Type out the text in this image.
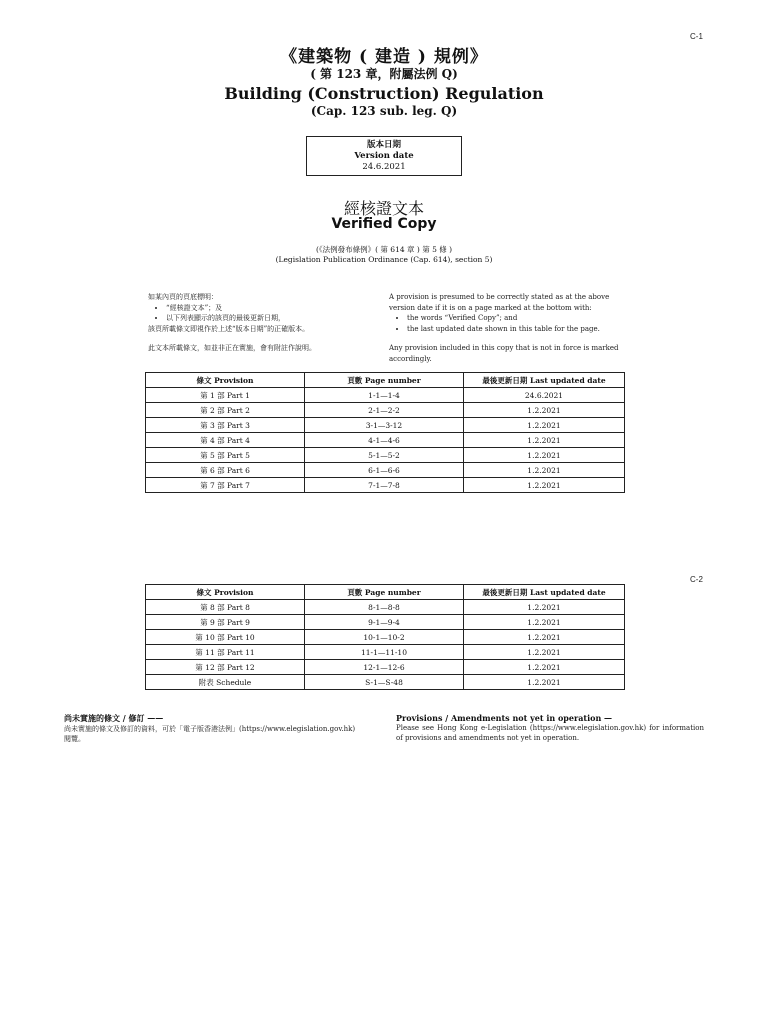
C-1
《建築物 ( 建造 ) 規例》
( 第 123 章，附屬法例 Q)
Building (Construction) Regulation
(Cap. 123 sub. leg. Q)
版本日期
Version date
24.6.2021
經核證文本
Verified Copy
(《法例發布條例》( 第 614 章 ) 第 5 條 )
(Legislation Publication Ordinance (Cap. 614), section 5)
如某內頁的頁底標明：
• “經核證文本”；及
• 以下列表顯示的該頁的最後更新日期，
該頁所載條文即視作於上述“版本日期”的正確版本。
此文本所載條文，如並非正在實施，會有附註作說明。
A provision is presumed to be correctly stated as at the above
version date if it is on a page marked at the bottom with:
• the words “Verified Copy”; and
• the last updated date shown in this table for the page.
Any provision included in this copy that is not in force is marked
accordingly.
條文 Provision	頁數 Page number	最後更新日期 Last updated date
第 1 部 Part 1	1-1—1-4	24.6.2021
第 2 部 Part 2	2-1—2-2	1.2.2021
第 3 部 Part 3	3-1—3-12	1.2.2021
第 4 部 Part 4	4-1—4-6	1.2.2021
第 5 部 Part 5	5-1—5-2	1.2.2021
第 6 部 Part 6	6-1—6-6	1.2.2021
第 7 部 Part 7	7-1—7-8	1.2.2021
C-2
條文 Provision	頁數 Page number	最後更新日期 Last updated date
第 8 部 Part 8	8-1—8-8	1.2.2021
第 9 部 Part 9	9-1—9-4	1.2.2021
第 10 部 Part 10	10-1—10-2	1.2.2021
第 11 部 Part 11	11-1—11-10	1.2.2021
第 12 部 Part 12	12-1—12-6	1.2.2021
附表 Schedule	S-1—S-48	1.2.2021
尚未實施的條文 / 修訂 ——
尚未實施的條文及修訂的資料，可於「電子版香港法例」(https://www.elegislation.gov.hk)
閱覽。
Provisions / Amendments not yet in operation —
Please see Hong Kong e-Legislation (https://www.elegislation.gov.hk) for information of provisions and amendments not yet in operation.
